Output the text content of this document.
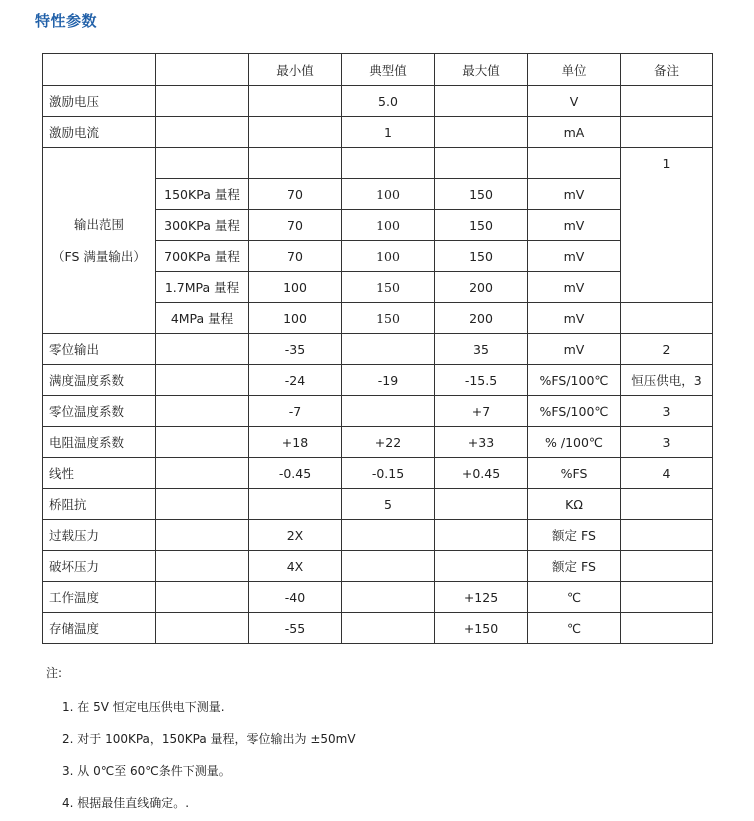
特性参数
		最小值	典型值	最大值	单位	备注
激励电压			5.0		V	
激励电流			1		mA	

输出范围
（FS 满量输出）						1
	150KPa 量程	70	100	150	mV	
	300KPa 量程	70	100	150	mV	
	700KPa 量程	70	100	150	mV	
	1.7MPa 量程	100	150	200	mV	
	4MPa 量程	100	150	200	mV	
零位输出		-35		35	mV	2
满度温度系数		-24	-19	-15.5	%FS/100℃	恒压供电，3
零位温度系数		-7		+7	%FS/100℃	3
电阻温度系数		+18	+22	+33	% /100℃	3
线性		-0.45	-0.15	+0.45	%FS	4
桥阻抗			5		KΩ	
过载压力		2X			额定 FS	
破坏压力		4X			额定 FS	
工作温度		-40		+125	℃	
存储温度		-55		+150	℃	
注:
1. 在 5V 恒定电压供电下测量.
2. 对于 100KPa，150KPa 量程，零位输出为 ±50mV
3. 从 0℃至 60℃条件下测量。
4. 根据最佳直线确定。.
